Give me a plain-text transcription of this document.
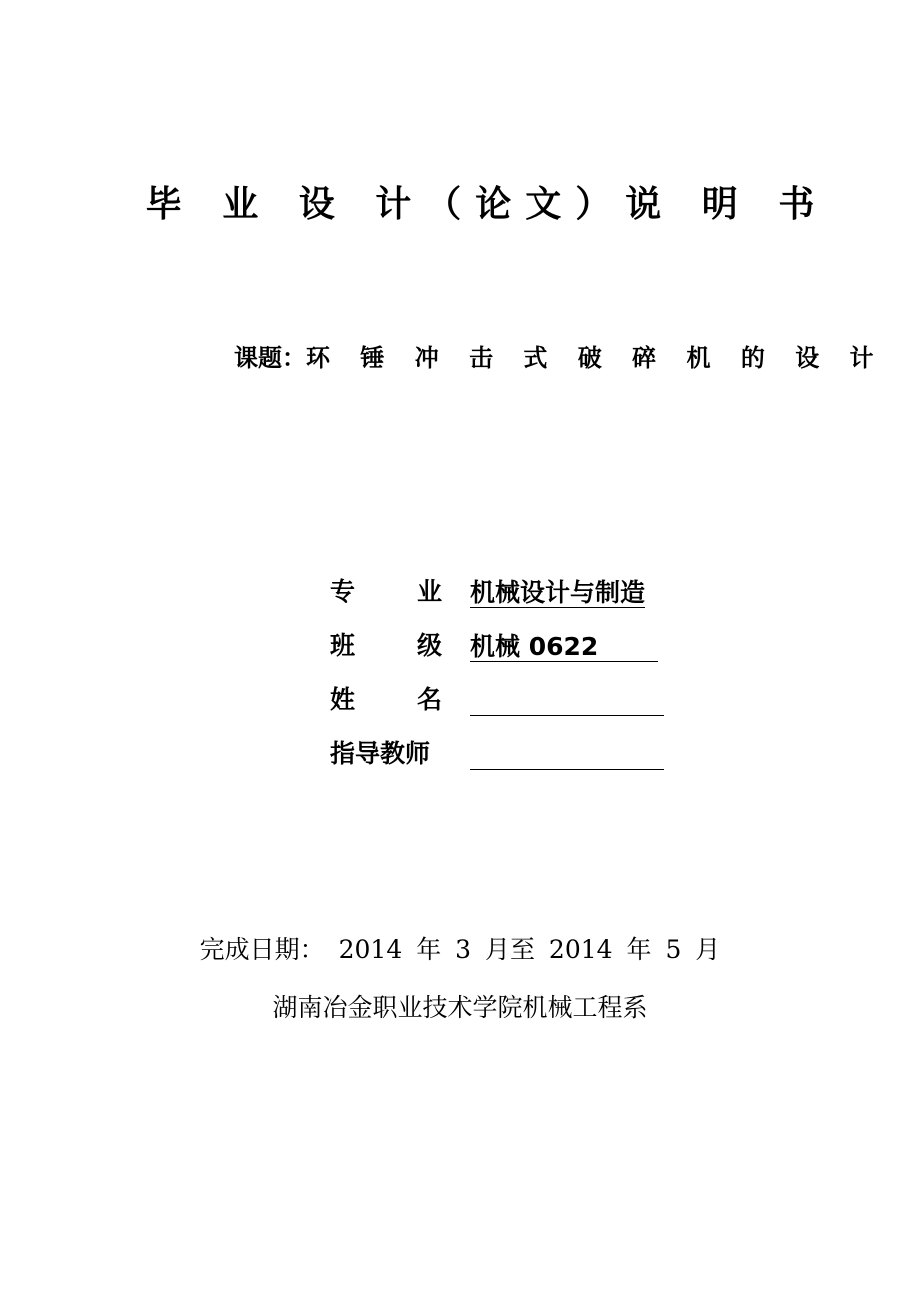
毕 业 设 计（论文）说 明 书
课题：环 锤 冲 击 式 破 碎 机 的 设 计
专 业 机械设计与制造
班 级 机械 0622
姓 名
指导教师
完成日期： 2014 年 3 月至 2014 年 5 月
湖南冶金职业技术学院机械工程系
